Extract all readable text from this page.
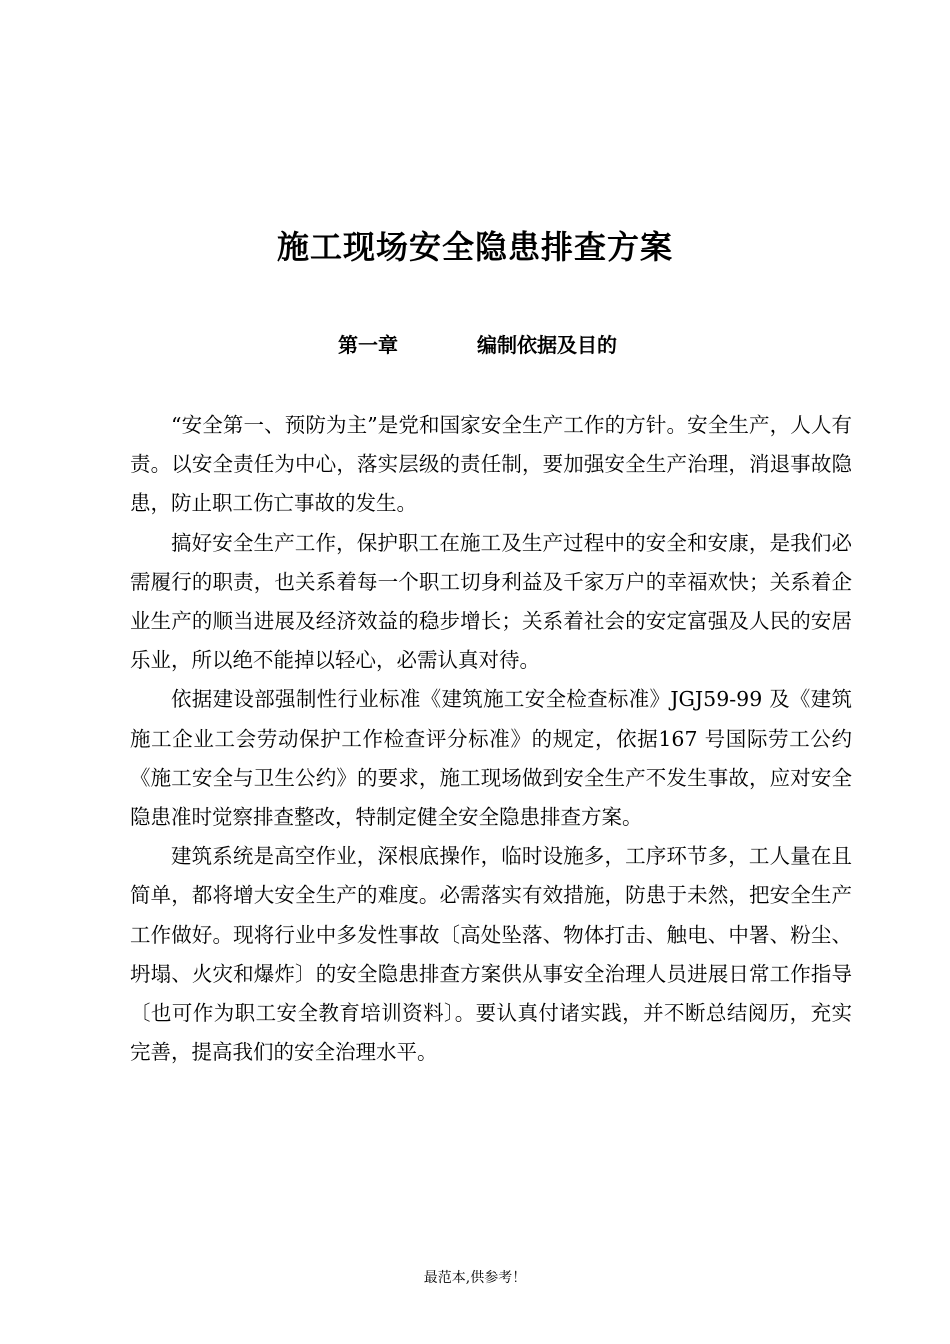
施工现场安全隐患排查方案
第一章	编制依据及目的

“安全第一、预防为主”是党和国家安全生产工作的方针。安全生产，人人有责。以安全责任为中心，落实层级的责任制，要加强安全生产治理，消退事故隐患，防止职工伤亡事故的发生。

搞好安全生产工作，保护职工在施工及生产过程中的安全和安康，是我们必需履行的职责，也关系着每一个职工切身利益及千家万户的幸福欢快；关系着企业生产的顺当进展及经济效益的稳步增长；关系着社会的安定富强及人民的安居乐业，所以绝不能掉以轻心，必需认真对待。

依据建设部强制性行业标准《建筑施工安全检查标准》JGJ59-99 及《建筑施工企业工会劳动保护工作检查评分标准》的规定，依据167 号国际劳工公约《施工安全与卫生公约》的要求，施工现场做到安全生产不发生事故，应对安全隐患准时觉察排查整改，特制定健全安全隐患排查方案。

建筑系统是高空作业，深根底操作，临时设施多，工序环节多，工人量在且简单，都将增大安全生产的难度。必需落实有效措施，防患于未然，把安全生产工作做好。现将行业中多发性事故〔高处坠落、物体打击、触电、中署、粉尘、坍塌、火灾和爆炸〕的安全隐患排查方案供从事安全治理人员进展日常工作指导〔也可作为职工安全教育培训资料〕。要认真付诸实践，并不断总结阅历，充实完善，提高我们的安全治理水平。

最范本,供参考！
